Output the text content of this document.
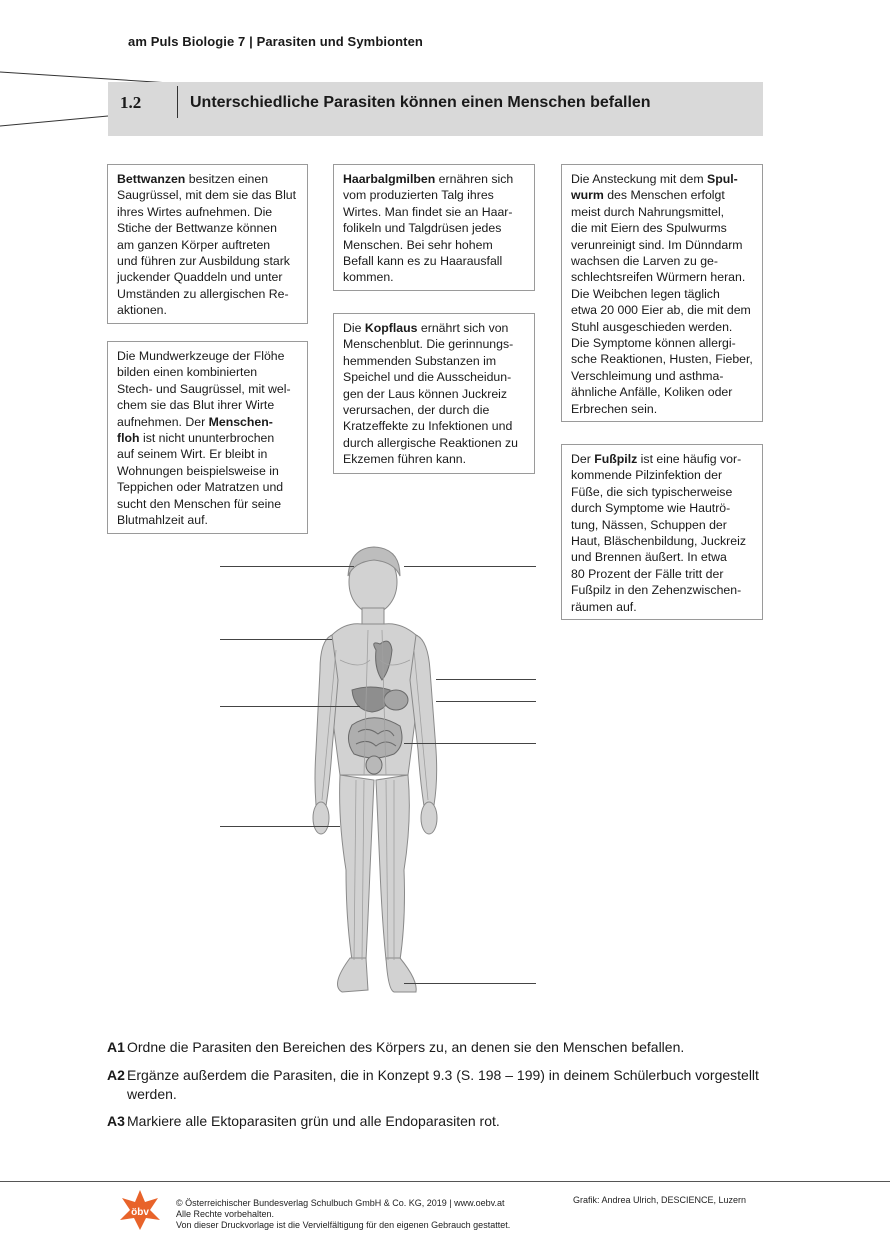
am Puls Biologie 7 | Parasiten und Symbionten
1.2	Unterschiedliche Parasiten können einen Menschen befallen
Bettwanzen besitzen einen
Saugrüssel, mit dem sie das Blut
ihres Wirtes aufnehmen. Die
Stiche der Bettwanze können
am ganzen Körper auftreten
und führen zur Ausbildung stark
juckender Quaddeln und unter
Umständen zu allergischen Re-
aktionen.
Die Mundwerkzeuge der Flöhe
bilden einen kombinierten
Stech- und Saugrüssel, mit wel-
chem sie das Blut ihrer Wirte
aufnehmen. Der Menschen-
floh ist nicht ununterbrochen
auf seinem Wirt. Er bleibt in
Wohnungen beispielsweise in
Teppichen oder Matratzen und
sucht den Menschen für seine
Blutmahlzeit auf.
Haarbalgmilben ernähren sich
vom produzierten Talg ihres
Wirtes. Man findet sie an Haar-
folikeln und Talgdrüsen jedes
Menschen. Bei sehr hohem
Befall kann es zu Haarausfall
kommen.
Die Kopflaus ernährt sich von
Menschenblut. Die gerinnungs-
hemmenden Substanzen im
Speichel und die Ausscheidun-
gen der Laus können Juckreiz
verursachen, der durch die
Kratzeffekte zu Infektionen und
durch allergische Reaktionen zu
Ekzemen führen kann.
Die Ansteckung mit dem Spul-
wurm des Menschen erfolgt
meist durch Nahrungsmittel,
die mit Eiern des Spulwurms
verunreinigt sind. Im Dünndarm
wachsen die Larven zu ge-
schlechtsreifen Würmern heran.
Die Weibchen legen täglich
etwa 20 000 Eier ab, die mit dem
Stuhl ausgeschieden werden.
Die Symptome können allergi-
sche Reaktionen, Husten, Fieber,
Verschleimung und asthma-
ähnliche Anfälle, Koliken oder
Erbrechen sein.
Der Fußpilz ist eine häufig vor-
kommende Pilzinfektion der
Füße, die sich typischerweise
durch Symptome wie Hautrö-
tung, Nässen, Schuppen der
Haut, Bläschenbildung, Juckreiz
und Brennen äußert. In etwa
80 Prozent der Fälle tritt der
Fußpilz in den Zehenzwischen-
räumen auf.
A1 Ordne die Parasiten den Bereichen des Körpers zu, an denen sie den Menschen befallen.
A2 Ergänze außerdem die Parasiten, die in Konzept 9.3 (S. 198 – 199) in deinem Schülerbuch vorgestellt werden.
A3 Markiere alle Ektoparasiten grün und alle Endoparasiten rot.
öbv
© Österreichischer Bundesverlag Schulbuch GmbH & Co. KG, 2019 | www.oebv.at
Alle Rechte vorbehalten.
Von dieser Druckvorlage ist die Vervielfältigung für den eigenen Gebrauch gestattet.
Grafik: Andrea Ulrich, DESCIENCE, Luzern
